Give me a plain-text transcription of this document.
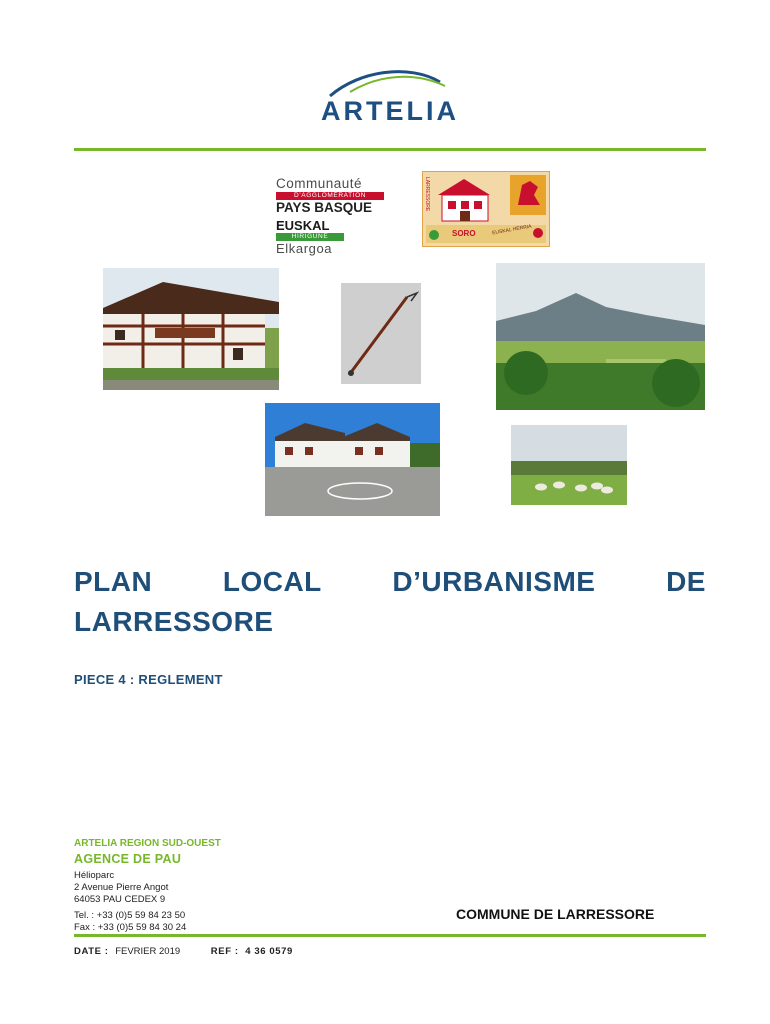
ARTELIA
Communauté
D’AGGLOMÉRATION
PAYS BASQUE
EUSKAL
HIRIGUNE
Elkargoa
SORO
LARRESSORE
EUSKAL HERRIA
PLAN	LOCAL	D’URBANISME	DE
LARRESSORE
PIECE 4 : REGLEMENT
ARTELIA REGION SUD-OUEST
AGENCE DE PAU
Hélioparc
2 Avenue Pierre Angot
64053 PAU CEDEX 9
Tel. : +33 (0)5 59 84 23 50
Fax : +33 (0)5 59 84 30 24
COMMUNE DE LARRESSORE
DATE : FEVRIER 2019	REF : 4 36 0579
